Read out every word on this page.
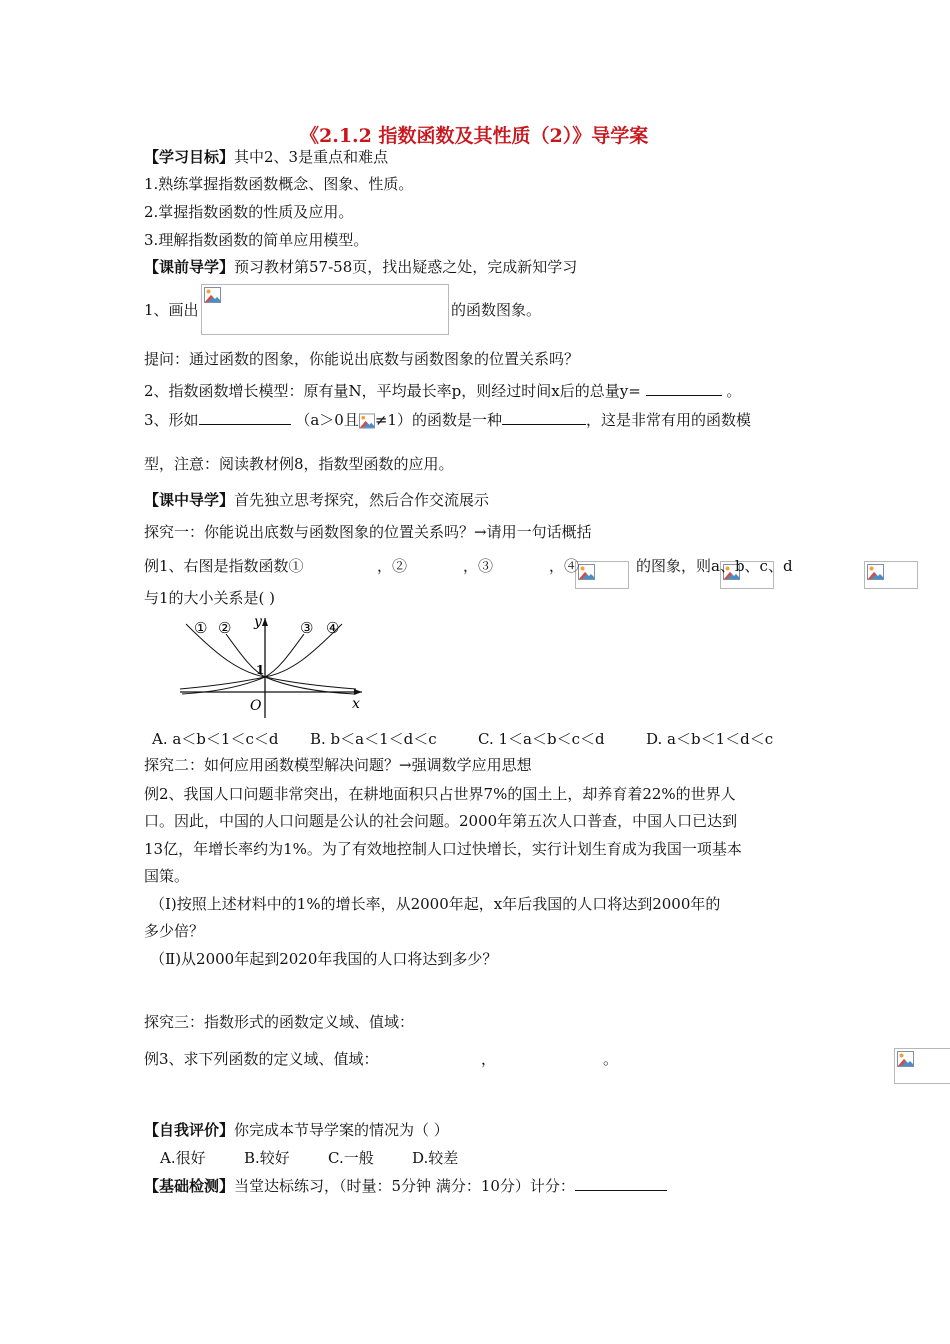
《2.1.2 指数函数及其性质（2）》导学案
【学习目标】其中2、3是重点和难点
1.熟练掌握指数函数概念、图象、性质。
2.掌握指数函数的性质及应用。
3.理解指数函数的简单应用模型。
【课前导学】预习教材第57-58页，找出疑惑之处，完成新知学习
1、画出
	的函数图象。
提问：通过函数的图象，你能说出底数与函数图象的位置关系吗？
2、指数函数增长模型：原有量N，平均最长率p，则经过时间x后的总量y=	。
3、形如	（a＞0且 ≠1）的函数是一种	，这是非常有用的函数模
型，注意：阅读教材例8，指数型函数的应用。
【课中导学】首先独立思考探究，然后合作交流展示
探究一：你能说出底数与函数图象的位置关系吗？→请用一句话概括
例1、右图是指数函数①
	，②
	，③
	，④
	的图象，则a、b、c、d
与1的大小关系是( )
① ②	③ ④
y
x
O
1
A. a＜b＜1＜c＜d B. b＜a＜1＜d＜c	C. 1＜a＜b＜c＜d	D. a＜b＜1＜d＜c
探究二：如何应用函数模型解决问题？→强调数学应用思想
例2、我国人口问题非常突出，在耕地面积只占世界7%的国土上，却养育着22%的世界人
口。因此，中国的人口问题是公认的社会问题。2000年第五次人口普查，中国人口已达到
13亿，年增长率约为1%。为了有效地控制人口过快增长，实行计划生育成为我国一项基本
国策。
（Ⅰ)按照上述材料中的1%的增长率，从2000年起，x年后我国的人口将达到2000年的
多少倍？
（Ⅱ)从2000年起到2020年我国的人口将达到多少？
探究三：指数形式的函数定义域、值域：
例3、求下列函数的定义域、值域：
	，	。
【自我评价】你完成本节导学案的情况为（ ）
A.很好	B.较好	C.一般	D.较差
【基础检测】当堂达标练习，（时量：5分钟 满分：10分）计分：
